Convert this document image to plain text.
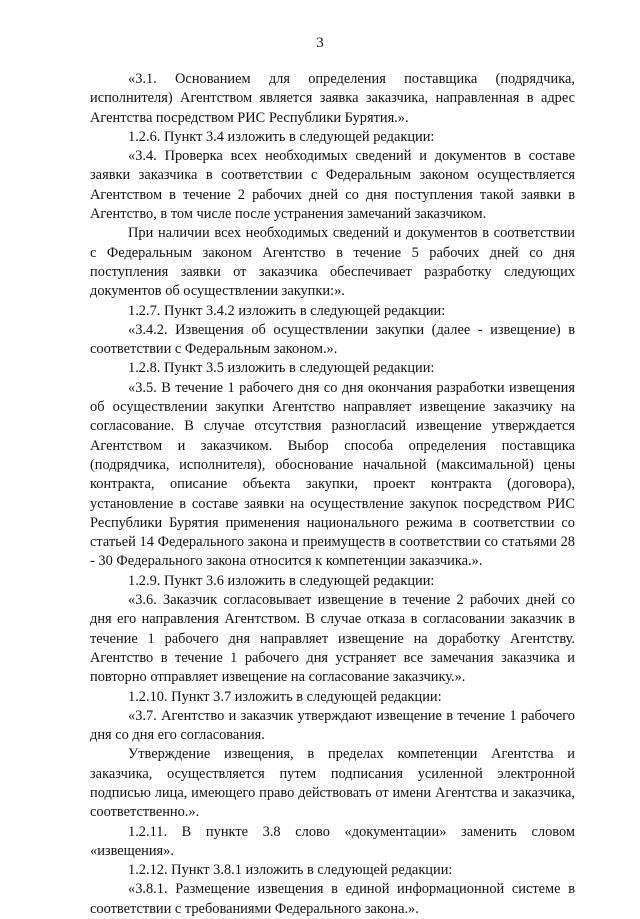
3

«3.1. Основанием для определения поставщика (подрядчика, исполнителя) Агентством является заявка заказчика, направленная в адрес Агентства посредством РИС Республики Бурятия.».

1.2.6. Пункт 3.4 изложить в следующей редакции:

«3.4. Проверка всех необходимых сведений и документов в составе заявки заказчика в соответствии с Федеральным законом осуществляется Агентством в течение 2 рабочих дней со дня поступления такой заявки в Агентство, в том числе после устранения замечаний заказчиком.

При наличии всех необходимых сведений и документов в соответствии с Федеральным законом Агентство в течение 5 рабочих дней со дня поступления заявки от заказчика обеспечивает разработку следующих документов об осуществлении закупки:».

1.2.7. Пункт 3.4.2 изложить в следующей редакции:

«3.4.2. Извещения об осуществлении закупки (далее - извещение) в соответствии с Федеральным законом.».

1.2.8. Пункт 3.5 изложить в следующей редакции:

«3.5. В течение 1 рабочего дня со дня окончания разработки извещения об осуществлении закупки Агентство направляет извещение заказчику на согласование. В случае отсутствия разногласий извещение утверждается Агентством и заказчиком. Выбор способа определения поставщика (подрядчика, исполнителя), обоснование начальной (максимальной) цены контракта, описание объекта закупки, проект контракта (договора), установление в составе заявки на осуществление закупок посредством РИС Республики Бурятия применения национального режима в соответствии со статьей 14 Федерального закона и преимуществ в соответствии со статьями 28 - 30 Федерального закона относится к компетенции заказчика.».

1.2.9. Пункт 3.6 изложить в следующей редакции:

«3.6. Заказчик согласовывает извещение в течение 2 рабочих дней со дня его направления Агентством. В случае отказа в согласовании заказчик в течение 1 рабочего дня направляет извещение на доработку Агентству. Агентство в течение 1 рабочего дня устраняет все замечания заказчика и повторно отправляет извещение на согласование заказчику.».

1.2.10. Пункт 3.7 изложить в следующей редакции:

«3.7. Агентство и заказчик утверждают извещение в течение 1 рабочего дня со дня его согласования.

Утверждение извещения, в пределах компетенции Агентства и заказчика, осуществляется путем подписания усиленной электронной подписью лица, имеющего право действовать от имени Агентства и заказчика, соответственно.».

1.2.11. В пункте 3.8 слово «документации» заменить словом «извещения».

1.2.12. Пункт 3.8.1 изложить в следующей редакции:

«3.8.1. Размещение извещения в единой информационной системе в соответствии с требованиями Федерального закона.».
